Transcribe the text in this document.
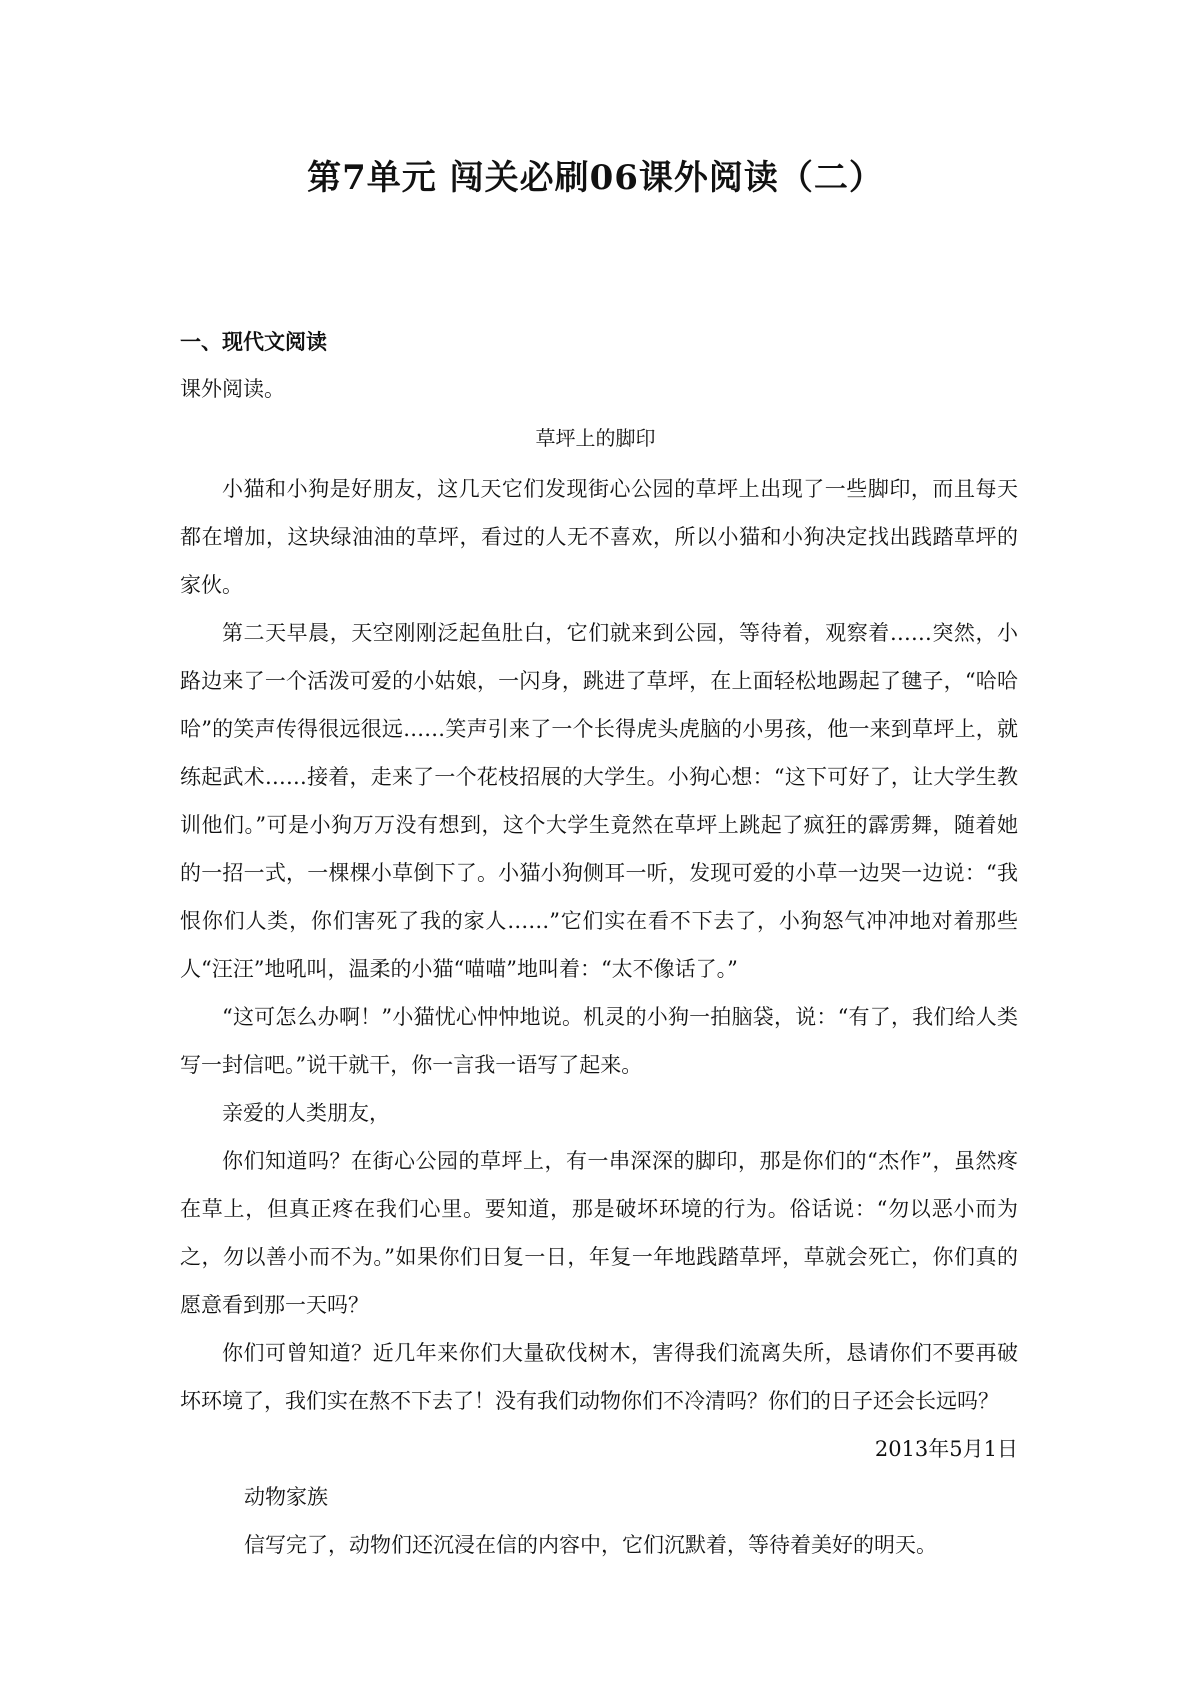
第7单元 闯关必刷06课外阅读（二）
一、现代文阅读

课外阅读。

草坪上的脚印

小猫和小狗是好朋友，这几天它们发现街心公园的草坪上出现了一些脚印，而且每天都在增加，这块绿油油的草坪，看过的人无不喜欢，所以小猫和小狗决定找出践踏草坪的家伙。

第二天早晨，天空刚刚泛起鱼肚白，它们就来到公园，等待着，观察着……突然，小路边来了一个活泼可爱的小姑娘，一闪身，跳进了草坪，在上面轻松地踢起了毽子，“哈哈哈”的笑声传得很远很远……笑声引来了一个长得虎头虎脑的小男孩，他一来到草坪上，就练起武术……接着，走来了一个花枝招展的大学生。小狗心想：“这下可好了，让大学生教训他们。”可是小狗万万没有想到，这个大学生竟然在草坪上跳起了疯狂的霹雳舞，随着她的一招一式，一棵棵小草倒下了。小猫小狗侧耳一听，发现可爱的小草一边哭一边说：“我恨你们人类，你们害死了我的家人……”它们实在看不下去了，小狗怒气冲冲地对着那些人“汪汪”地吼叫，温柔的小猫“喵喵”地叫着：“太不像话了。”

“这可怎么办啊！”小猫忧心忡忡地说。机灵的小狗一拍脑袋，说：“有了，我们给人类写一封信吧。”说干就干，你一言我一语写了起来。

亲爱的人类朋友，

你们知道吗？在街心公园的草坪上，有一串深深的脚印，那是你们的“杰作”，虽然疼在草上，但真正疼在我们心里。要知道，那是破坏环境的行为。俗话说：“勿以恶小而为之，勿以善小而不为。”如果你们日复一日，年复一年地践踏草坪，草就会死亡，你们真的愿意看到那一天吗？

你们可曾知道？近几年来你们大量砍伐树木，害得我们流离失所，恳请你们不要再破坏环境了，我们实在熬不下去了！没有我们动物你们不冷清吗？你们的日子还会长远吗？

2013年5月1日

动物家族

信写完了，动物们还沉浸在信的内容中，它们沉默着，等待着美好的明天。
